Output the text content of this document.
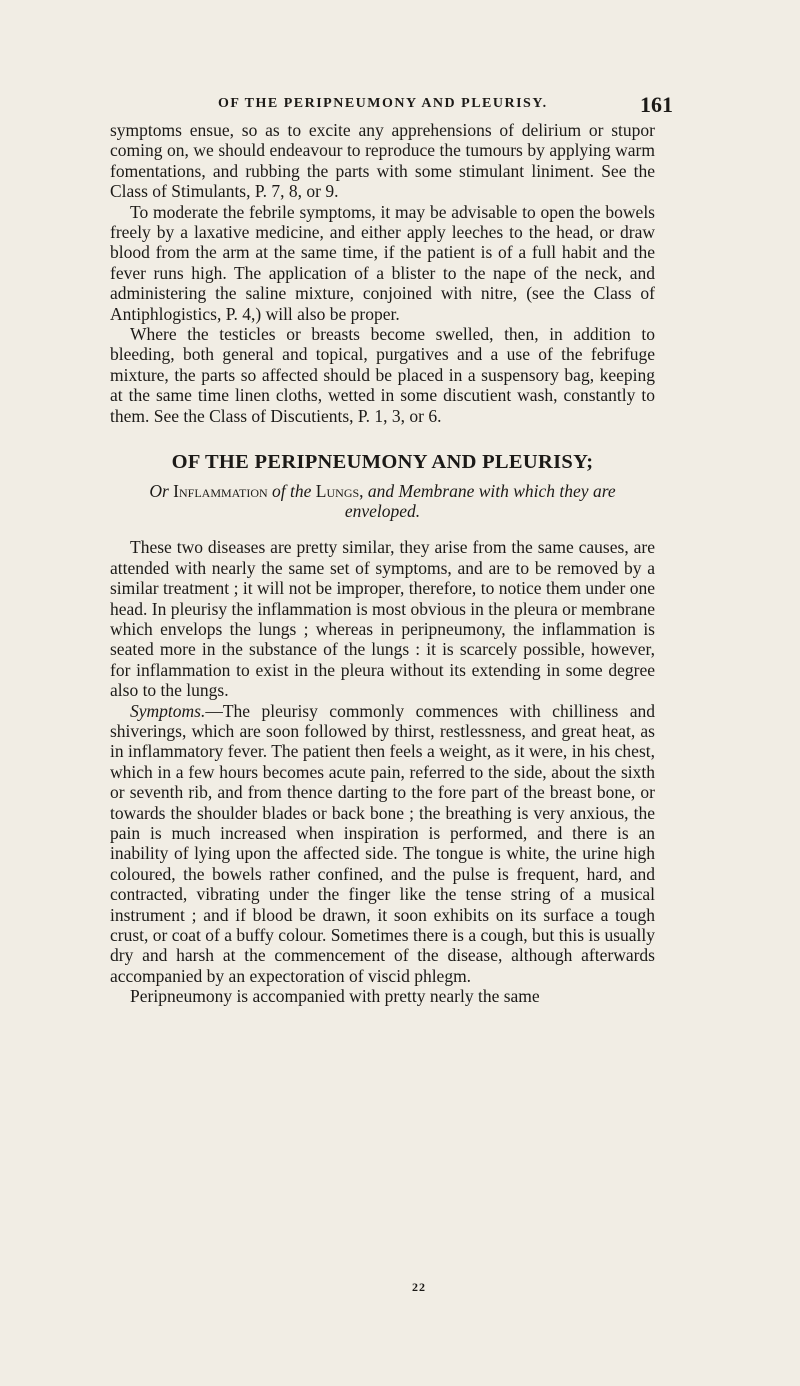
OF THE PERIPNEUMONY AND PLEURISY.	161

symptoms ensue, so as to excite any apprehensions of delirium or stupor coming on, we should endeavour to reproduce the tumours by applying warm fomentations, and rubbing the parts with some stimulant liniment. See the Class of Stimulants, P. 7, 8, or 9.

To moderate the febrile symptoms, it may be advisable to open the bowels freely by a laxative medicine, and either apply leeches to the head, or draw blood from the arm at the same time, if the patient is of a full habit and the fever runs high. The application of a blister to the nape of the neck, and administering the saline mixture, conjoined with nitre, (see the Class of Antiphlogistics, P. 4,) will also be proper.

Where the testicles or breasts become swelled, then, in addition to bleeding, both general and topical, purgatives and a use of the febrifuge mixture, the parts so affected should be placed in a suspensory bag, keeping at the same time linen cloths, wetted in some discutient wash, constantly to them. See the Class of Discutients, P. 1, 3, or 6.

OF THE PERIPNEUMONY AND PLEURISY;
Or Inflammation of the Lungs, and Membrane with which they are enveloped.

These two diseases are pretty similar, they arise from the same causes, are attended with nearly the same set of symptoms, and are to be removed by a similar treatment ; it will not be improper, therefore, to notice them under one head. In pleurisy the inflammation is most obvious in the pleura or membrane which envelops the lungs ; whereas in peripneumony, the inflammation is seated more in the substance of the lungs : it is scarcely possible, however, for inflammation to exist in the pleura without its extending in some degree also to the lungs.

Symptoms.—The pleurisy commonly commences with chilliness and shiverings, which are soon followed by thirst, restlessness, and great heat, as in inflammatory fever. The patient then feels a weight, as it were, in his chest, which in a few hours becomes acute pain, referred to the side, about the sixth or seventh rib, and from thence darting to the fore part of the breast bone, or towards the shoulder blades or back bone ; the breathing is very anxious, the pain is much increased when inspiration is performed, and there is an inability of lying upon the affected side. The tongue is white, the urine high coloured, the bowels rather confined, and the pulse is frequent, hard, and contracted, vibrating under the finger like the tense string of a musical instrument ; and if blood be drawn, it soon exhibits on its surface a tough crust, or coat of a buffy colour. Sometimes there is a cough, but this is usually dry and harsh at the commencement of the disease, although afterwards accompanied by an expectoration of viscid phlegm.

Peripneumony is accompanied with pretty nearly the same

22
